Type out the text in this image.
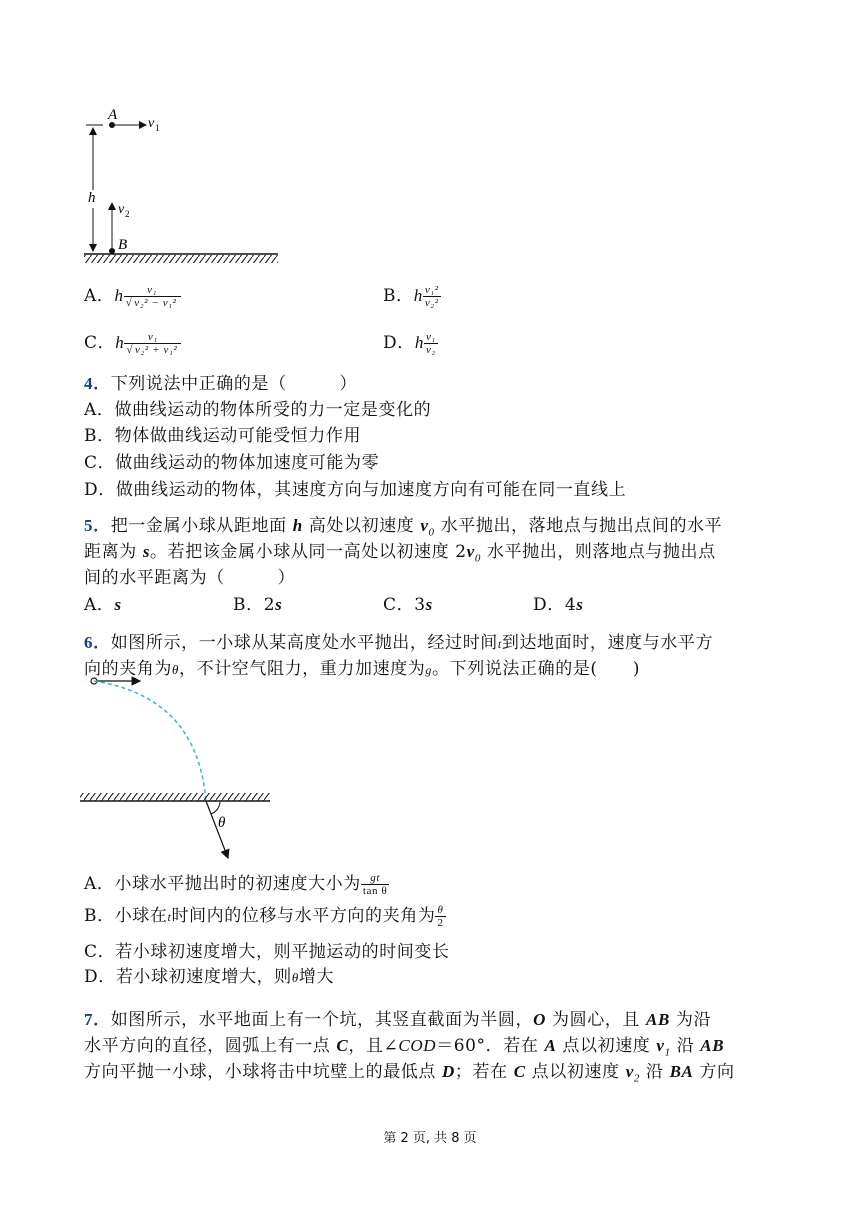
h
A
v 1
v 2
B
A．h $\frac{\text{v₁}}{\text{√ v₂² − v₁²}}$	B．h $\frac{\text{v₁²}}{\text{v₂²}}$
C．h $\frac{\text{v₁}}{\text{√ v₂² + v₁²}}$	D．h $\frac{\text{v₁}}{\text{v₂}}$
4．下列说法中正确的是（　　　）
A．做曲线运动的物体所受的力一定是变化的
B．物体做曲线运动可能受恒力作用
C．做曲线运动的物体加速度可能为零
D．做曲线运动的物体，其速度方向与加速度方向有可能在同一直线上
5．把一金属小球从距地面 h 高处以初速度 $v_0$ 水平抛出，落地点与抛出点间的水平
距离为 s。若把该金属小球从同一高处以初速度 $2v_0$ 水平抛出，则落地点与抛出点
间的水平距离为（　　　）
A．s	B．2s	C．3s	D．4s
6．如图所示，一小球从某高度处水平抛出，经过时间t到达地面时，速度与水平方
向的夹角为θ，不计空气阻力，重力加速度为g。下列说法正确的是(　　)
θ
A．小球水平抛出时的初速度大小为 $\frac{gt}{\text{tan θ}}$
B．小球在t时间内的位移与水平方向的夹角为 $\frac{\theta}{2}$
C．若小球初速度增大，则平抛运动的时间变长
D．若小球初速度增大，则θ增大
7．如图所示，水平地面上有一个坑，其竖直截面为半圆，O 为圆心，且 AB 为沿
水平方向的直径，圆弧上有一点 C，且∠COD＝60°．若在 A 点以初速度 $v_1$ 沿 AB
方向平抛一小球，小球将击中坑壁上的最低点 D；若在 C 点以初速度 $v_2$ 沿 BA 方向
第 2 页, 共 8 页
